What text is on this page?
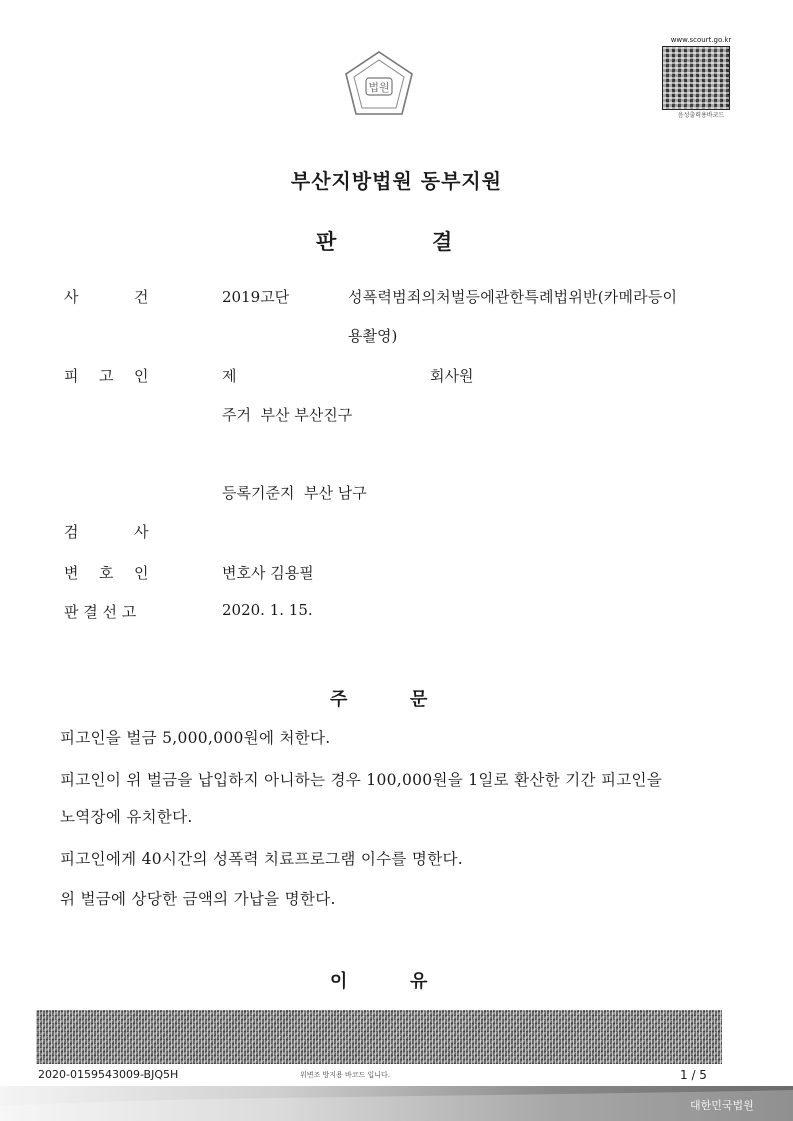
법원
www.scourt.go.kr
음성출력용바코드
부산지방법원 동부지원
판	결
사	건	2019고단	성폭력범죄의처벌등에관한특례법위반(카메라등이
용촬영)
피 고 인	제	회사원
주거  부산 부산진구
등록기준지  부산 남구
검	사
변 호 인	변호사 김용필
판 결 선 고	2020. 1. 15.
주	문
피고인을 벌금 5,000,000원에 처한다.
피고인이 위 벌금을 납입하지 아니하는 경우 100,000원을 1일로 환산한 기간 피고인을
노역장에 유치한다.
피고인에게 40시간의 성폭력 치료프로그램 이수를 명한다.
위 벌금에 상당한 금액의 가납을 명한다.
이	유
2020-0159543009-BJQ5H	위변조 방지용 바코드 입니다.	1 / 5
대한민국법원
